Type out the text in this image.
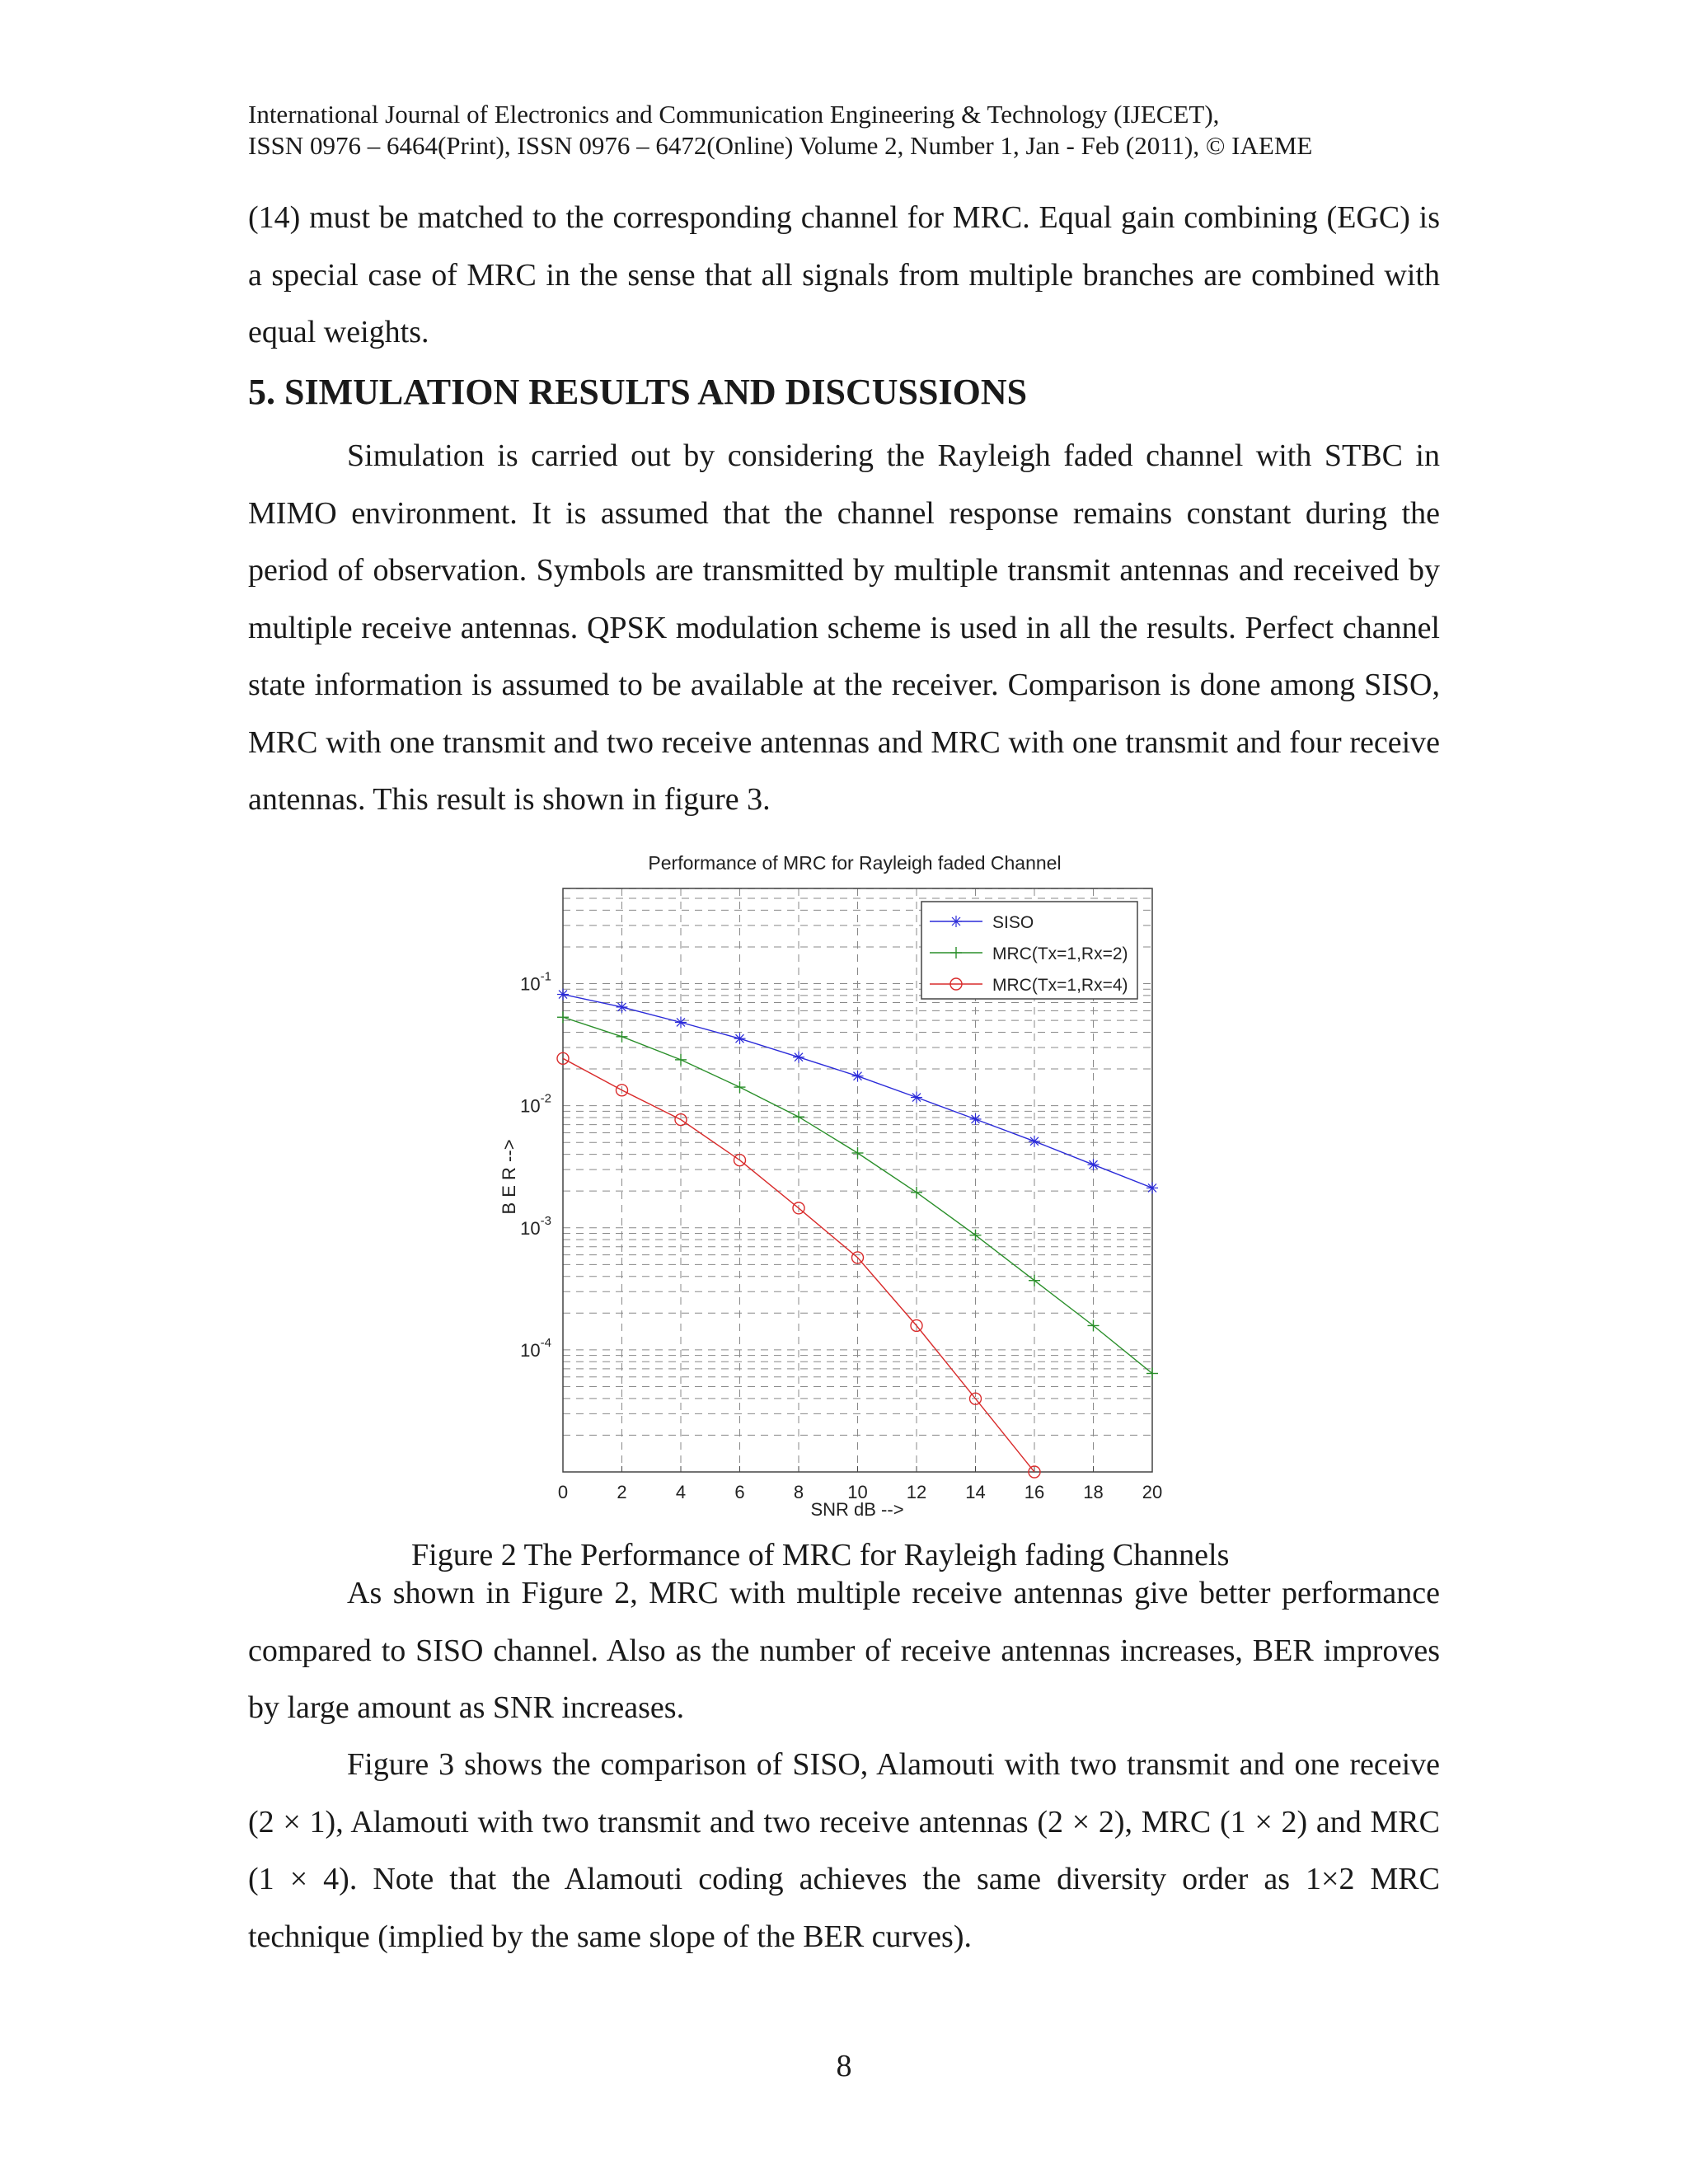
International Journal of Electronics and Communication Engineering & Technology (IJECET),
ISSN 0976 – 6464(Print), ISSN 0976 – 6472(Online) Volume 2, Number 1, Jan - Feb (2011), © IAEME

(14) must be matched to the corresponding channel for MRC. Equal gain combining (EGC) is a special case of MRC in the sense that all signals from multiple branches are combined with equal weights.

5. SIMULATION RESULTS AND DISCUSSIONS

Simulation is carried out by considering the Rayleigh faded channel with STBC in MIMO environment. It is assumed that the channel response remains constant during the period of observation. Symbols are transmitted by multiple transmit antennas and received by multiple receive antennas. QPSK modulation scheme is used in all the results. Perfect channel state information is assumed to be available at the receiver. Comparison is done among SISO, MRC with one transmit and two receive antennas and MRC with one transmit and four receive antennas. This result is shown in figure 3.

Performance of MRC for Rayleigh faded Channel
0	2	4	6	8 10 12 14 16 18 20
$10^{-1}$
$10^{-2}$
$10^{-3}$
$10^{-4}$
SNR dB -->
B E R -->
SISO
MRC(Tx=1,Rx=2)
MRC(Tx=1,Rx=4)
Figure 2 The Performance of MRC for Rayleigh fading Channels

As shown in Figure 2, MRC with multiple receive antennas give better performance compared to SISO channel. Also as the number of receive antennas increases, BER improves by large amount as SNR increases.

Figure 3 shows the comparison of SISO, Alamouti with two transmit and one receive (2 × 1), Alamouti with two transmit and two receive antennas (2 × 2), MRC (1 × 2) and MRC (1 × 4). Note that the Alamouti coding achieves the same diversity order as 1×2 MRC technique (implied by the same slope of the BER curves).

8
